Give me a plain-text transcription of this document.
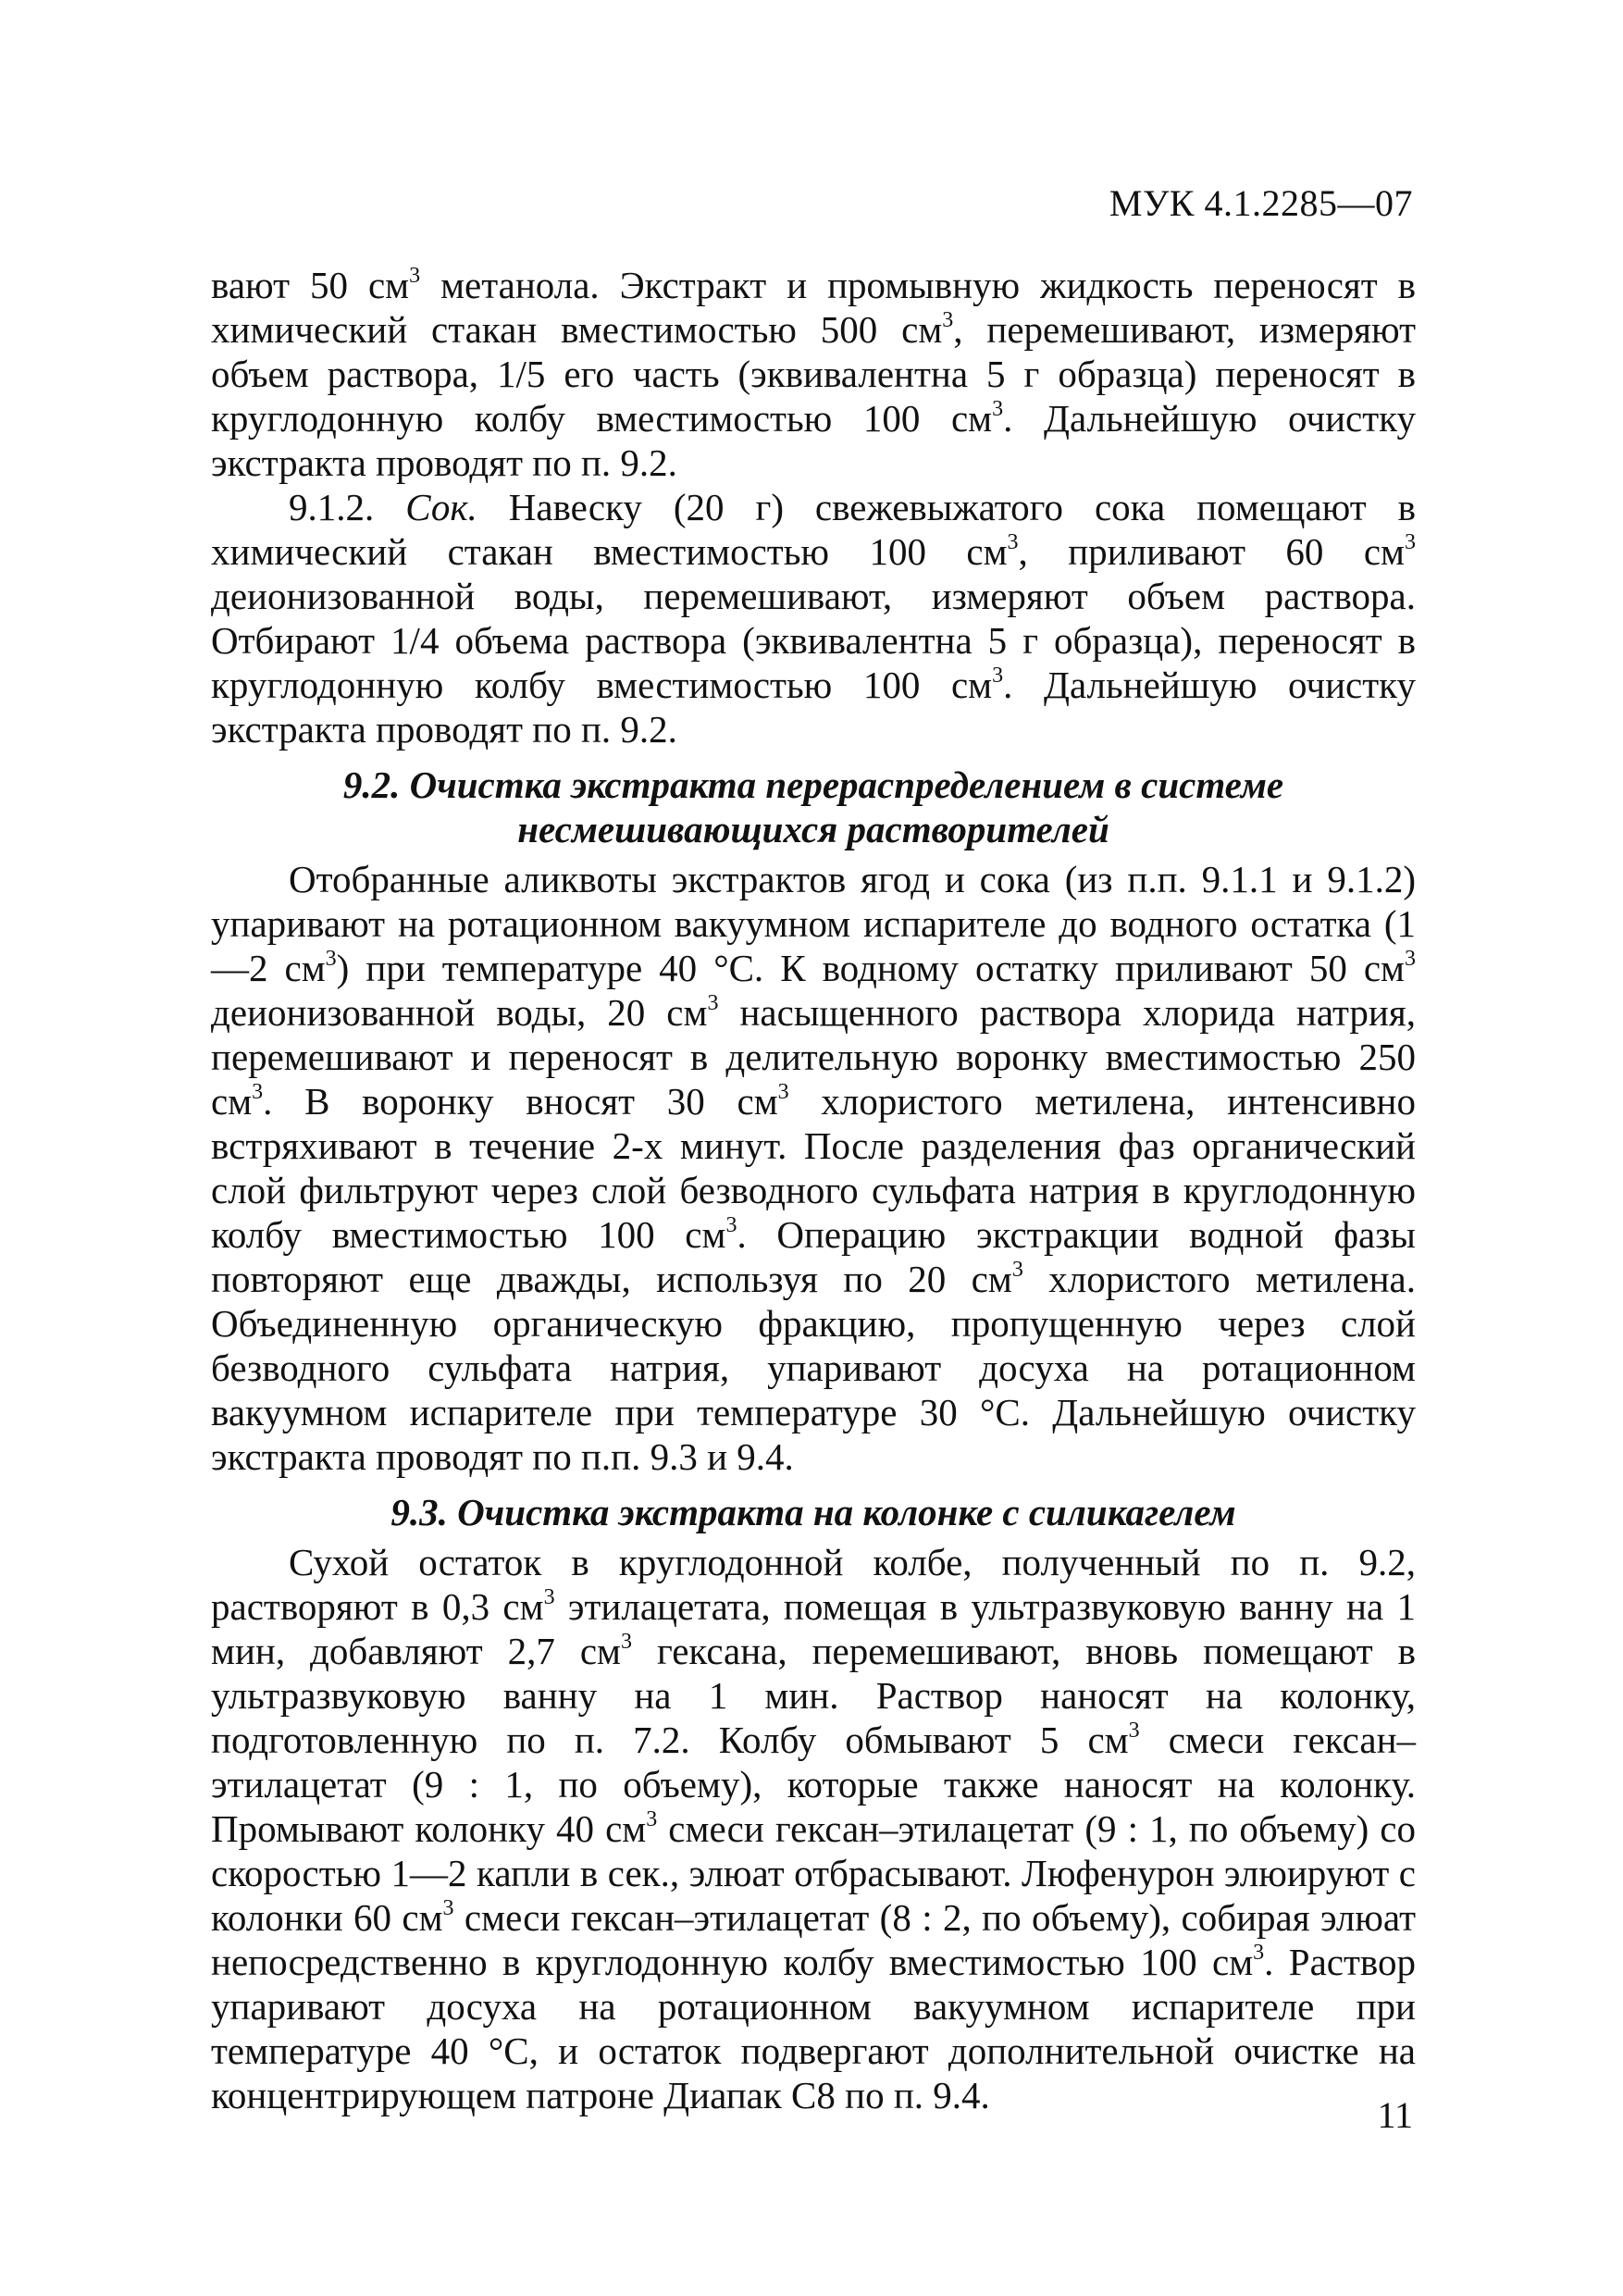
МУК 4.1.2285—07

вают 50 $см^3$ метанола. Экстракт и промывную жидкость переносят в химический стакан вместимостью 500 $см^3$, перемешивают, измеряют объем раствора, 1/5 его часть (эквивалентна 5 г образца) переносят в круглодонную колбу вместимостью 100 $см^3$. Дальнейшую очистку экстракта проводят по п. 9.2.

9.1.2. Сок. Навеску (20 г) свежевыжатого сока помещают в химический стакан вместимостью 100 $см^3$, приливают 60 $см^3$ деионизованной воды, перемешивают, измеряют объем раствора. Отбирают 1/4 объема раствора (эквивалентна 5 г образца), переносят в круглодонную колбу вместимостью 100 $см^3$. Дальнейшую очистку экстракта проводят по п. 9.2.

9.2. Очистка экстракта перераспределением в системе
несмешивающихся растворителей

Отобранные аликвоты экстрактов ягод и сока (из п.п. 9.1.1 и 9.1.2) упаривают на ротационном вакуумном испарителе до водного остатка (1—2 $см^3$) при температуре 40 °С. К водному остатку приливают 50 $см^3$ деионизованной воды, 20 $см^3$ насыщенного раствора хлорида натрия, перемешивают и переносят в делительную воронку вместимостью 250 $см^3$. В воронку вносят 30 $см^3$ хлористого метилена, интенсивно встряхивают в течение 2-х минут. После разделения фаз органический слой фильтруют через слой безводного сульфата натрия в круглодонную колбу вместимостью 100 $см^3$. Операцию экстракции водной фазы повторяют еще дважды, используя по 20 $см^3$ хлористого метилена. Объединенную органическую фракцию, пропущенную через слой безводного сульфата натрия, упаривают досуха на ротационном вакуумном испарителе при температуре 30 °С. Дальнейшую очистку экстракта проводят по п.п. 9.3 и 9.4.

9.3. Очистка экстракта на колонке с силикагелем

Сухой остаток в круглодонной колбе, полученный по п. 9.2, растворяют в 0,3 $см^3$ этилацетата, помещая в ультразвуковую ванну на 1 мин, добавляют 2,7 $см^3$ гексана, перемешивают, вновь помещают в ультразвуковую ванну на 1 мин. Раствор наносят на колонку, подготовленную по п. 7.2. Колбу обмывают 5 $см^3$ смеси гексан–этилацетат (9 : 1, по объему), которые также наносят на колонку. Промывают колонку 40 $см^3$ смеси гексан–этилацетат (9 : 1, по объему) со скоростью 1—2 капли в сек., элюат отбрасывают. Люфенурон элюируют с колонки 60 $см^3$ смеси гексан–этилацетат (8 : 2, по объему), собирая элюат непосредственно в круглодонную колбу вместимостью 100 $см^3$. Раствор упаривают досуха на ротационном вакуумном испарителе при температуре 40 °С, и остаток подвергают дополнительной очистке на концентрирующем патроне Диапак С8 по п. 9.4.	11
